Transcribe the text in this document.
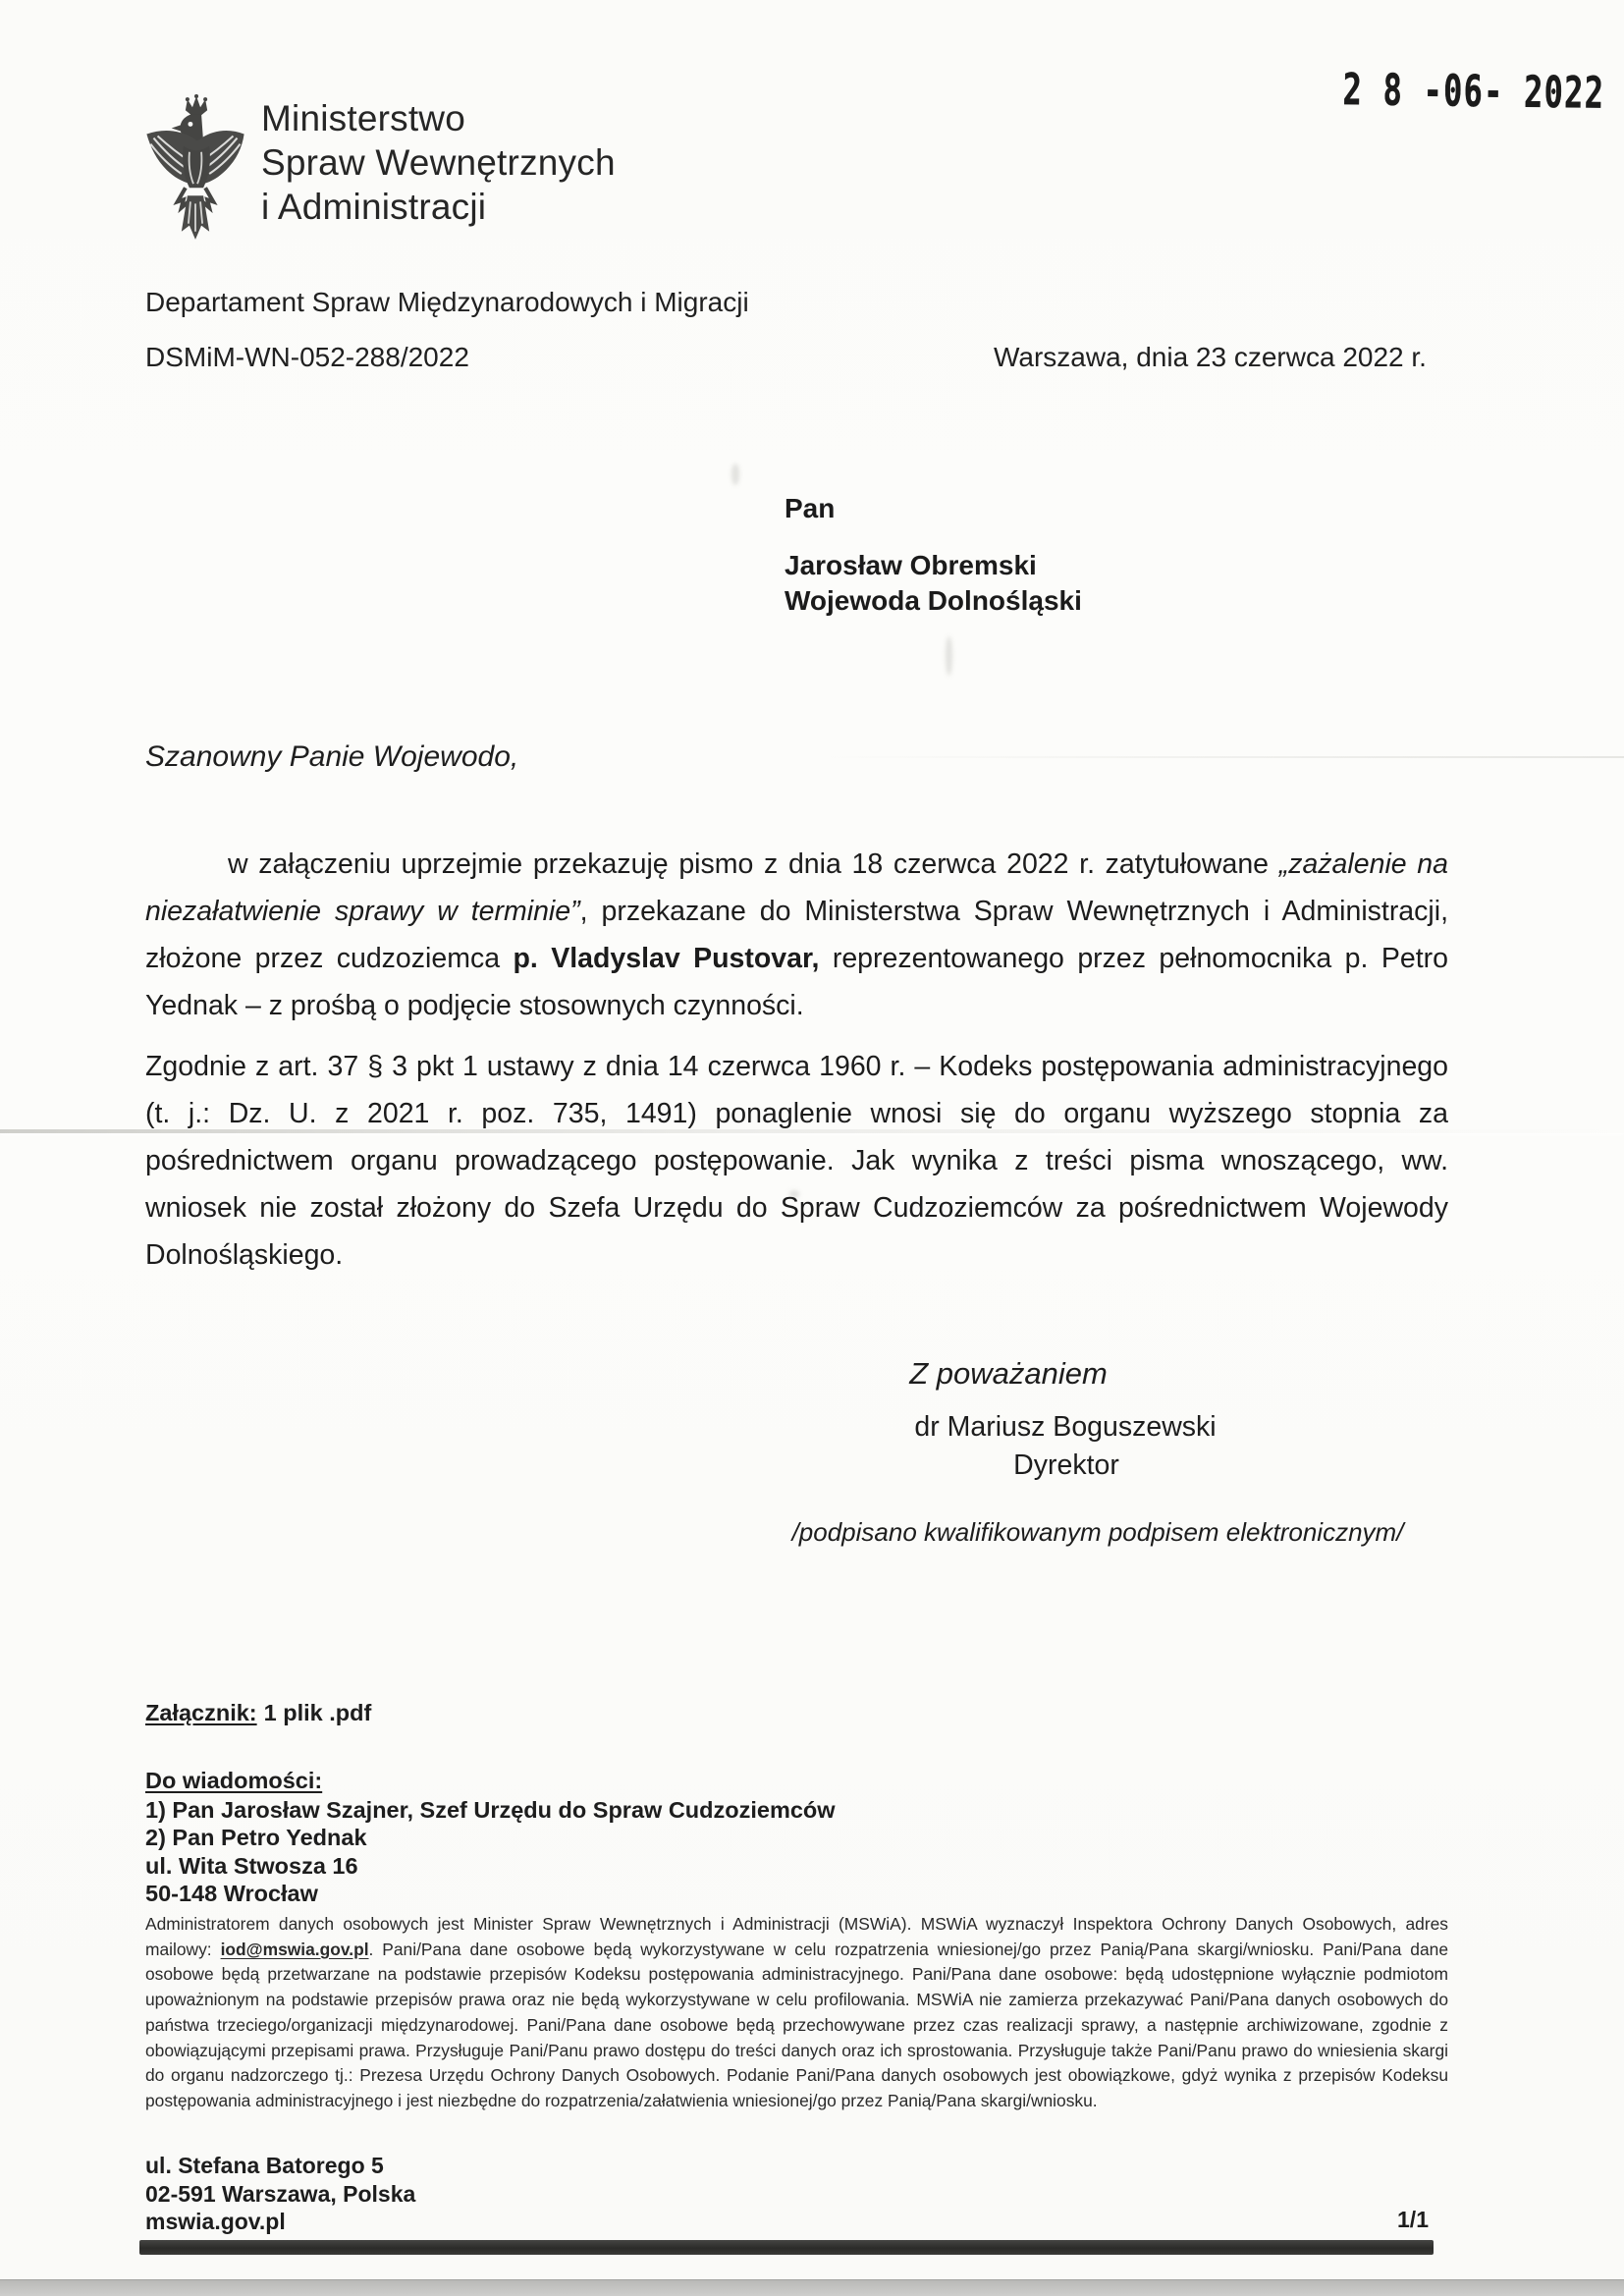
2 8 -06- 2022
Ministerstwo
Spraw Wewnętrznych
i Administracji
Departament Spraw Międzynarodowych i Migracji
DSMiM-WN-052-288/2022	Warszawa, dnia 23 czerwca 2022 r.
Pan
Jarosław Obremski
Wojewoda Dolnośląski
Szanowny Panie Wojewodo,

w załączeniu uprzejmie przekazuję pismo z dnia 18 czerwca 2022 r. zatytułowane „zażalenie na niezałatwienie sprawy w terminie”, przekazane do Ministerstwa Spraw Wewnętrznych i Administracji, złożone przez cudzoziemca p. Vladyslav Pustovar, reprezentowanego przez pełnomocnika p. Petro Yednak – z prośbą o podjęcie stosownych czynności.

Zgodnie z art. 37 § 3 pkt 1 ustawy z dnia 14 czerwca 1960 r. – Kodeks postępowania administracyjnego (t. j.: Dz. U. z 2021 r. poz. 735, 1491) ponaglenie wnosi się do organu wyższego stopnia za pośrednictwem organu prowadzącego postępowanie. Jak wynika z treści pisma wnoszącego, ww. wniosek nie został złożony do Szefa Urzędu do Spraw Cudzoziemców za pośrednictwem Wojewody Dolnośląskiego.

Z poważaniem
dr Mariusz Boguszewski
Dyrektor
/podpisano kwalifikowanym podpisem elektronicznym/
Załącznik: 1 plik .pdf
Do wiadomości:
1) Pan Jarosław Szajner, Szef Urzędu do Spraw Cudzoziemców
2) Pan Petro Yednak
ul. Wita Stwosza 16
50-148 Wrocław
Administratorem danych osobowych jest Minister Spraw Wewnętrznych i Administracji (MSWiA). MSWiA wyznaczył Inspektora Ochrony Danych Osobowych, adres mailowy: iod@mswia.gov.pl. Pani/Pana dane osobowe będą wykorzystywane w celu rozpatrzenia wniesionej/go przez Panią/Pana skargi/wniosku. Pani/Pana dane osobowe będą przetwarzane na podstawie przepisów Kodeksu postępowania administracyjnego. Pani/Pana dane osobowe: będą udostępnione wyłącznie podmiotom upoważnionym na podstawie przepisów prawa oraz nie będą wykorzystywane w celu profilowania. MSWiA nie zamierza przekazywać Pani/Pana danych osobowych do państwa trzeciego/organizacji międzynarodowej. Pani/Pana dane osobowe będą przechowywane przez czas realizacji sprawy, a następnie archiwizowane, zgodnie z obowiązującymi przepisami prawa. Przysługuje Pani/Panu prawo dostępu do treści danych oraz ich sprostowania. Przysługuje także Pani/Panu prawo do wniesienia skargi do organu nadzorczego tj.: Prezesa Urzędu Ochrony Danych Osobowych. Podanie Pani/Pana danych osobowych jest obowiązkowe, gdyż wynika z przepisów Kodeksu postępowania administracyjnego i jest niezbędne do rozpatrzenia/załatwienia wniesionej/go przez Panią/Pana skargi/wniosku.
ul. Stefana Batorego 5
02-591 Warszawa, Polska
mswia.gov.pl	1/1
